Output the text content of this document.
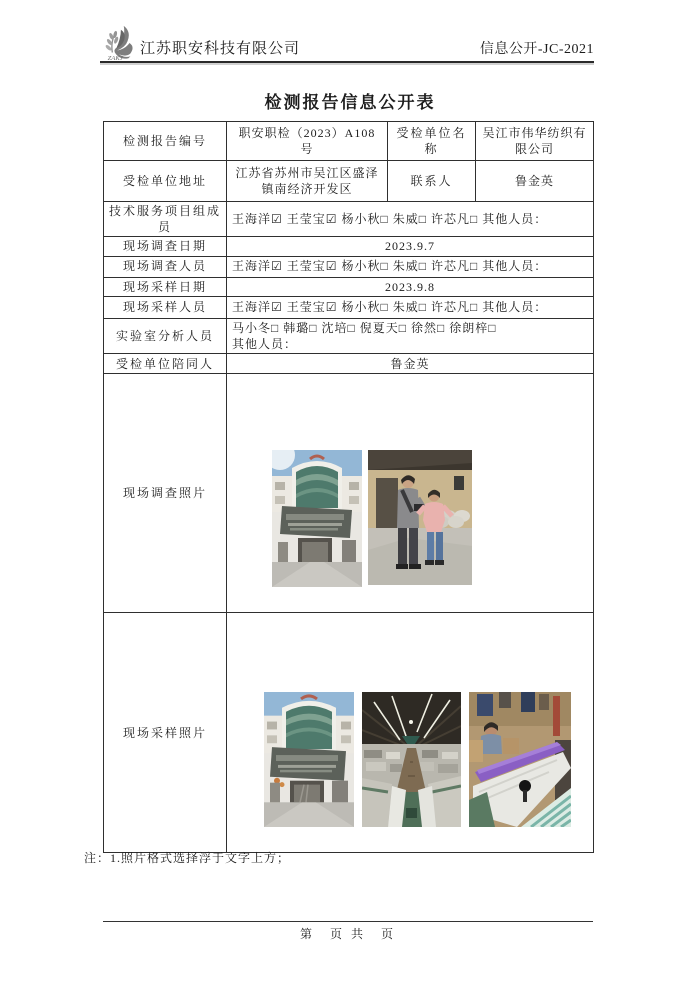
ZAKJ
江苏职安科技有限公司	信息公开-JC-2021
检测报告信息公开表
检测报告编号	职安职检（2023）A108 号	受检单位名称	吴江市伟华纺织有限公司
受检单位地址	江苏省苏州市吴江区盛泽镇南经济开发区	联系人	鲁金英
技术服务项目组成员	王海洋☑ 王莹宝☑ 杨小秋□ 朱威□ 许芯凡□ 其他人员：		
现场调查日期	2023.9.7		
现场调查人员	王海洋☑ 王莹宝☑ 杨小秋□ 朱威□ 许芯凡□ 其他人员：		
现场采样日期	2023.9.8		
现场采样人员	王海洋☑ 王莹宝☑ 杨小秋□ 朱威□ 许芯凡□ 其他人员：		
实验室分析人员	马小冬□ 韩璐□ 沈培□ 倪夏天□ 徐然□ 徐朗梓□
其他人员：		

受检单位陪同人	鲁金英		
现场调查照片	

现场采样照片	
注：1.照片格式选择浮于文字上方；
第　页 共　页
